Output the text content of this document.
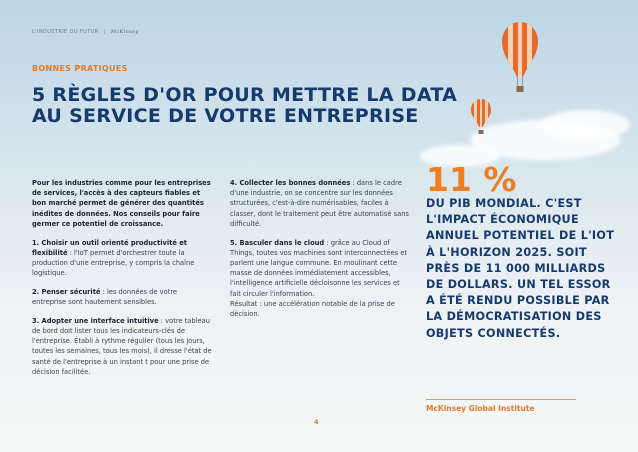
L'INDUSTRIE DU FUTUR | McKinsey
BONNES PRATIQUES
5 RÈGLES D'OR POUR METTRE LA DATA
AU SERVICE DE VOTRE ENTREPRISE

Pour les industries comme pour les entreprises de services, l'accès à des capteurs fiables et bon marché permet de générer des quantités inédites de données. Nos conseils pour faire germer ce potentiel de croissance.

1. Choisir un outil orienté productivité et flexibilité : l'IoT permet d'orchestrer toute la production d'une entreprise, y compris la chaîne logistique.

2. Penser sécurité : les données de votre entreprise sont hautement sensibles.

3. Adopter une interface intuitive : votre tableau de bord doit lister tous les indicateurs-clés de l'entreprise. Établi à rythme régulier (tous les jours, toutes les semaines, tous les mois), il dresse l'état de santé de l'entreprise à un instant t pour une prise de décision facilitée.

4. Collecter les bonnes données : dans le cadre d'une industrie, on se concentre sur les données structurées, c'est-à-dire numérisables, faciles à classer, dont le traitement peut être automatisé sans difficulté.

5. Basculer dans le cloud : grâce au Cloud of Things, toutes vos machines sont interconnectées et parlent une langue commune. En moulinant cette masse de données immédiatement accessibles, l'intelligence artificielle décloisonne les services et fait circuler l'information.

Résultat : une accélération notable de la prise de décision.

11 %

DU PIB MONDIAL. C'EST L'IMPACT ÉCONOMIQUE ANNUEL POTENTIEL DE L'IOT À L'HORIZON 2025. SOIT PRÈS DE 11 000 MILLIARDS DE DOLLARS. UN TEL ESSOR A ÉTÉ RENDU POSSIBLE PAR LA DÉMOCRATISATION DES OBJETS CONNECTÉS.

McKinsey Global Institute
4
